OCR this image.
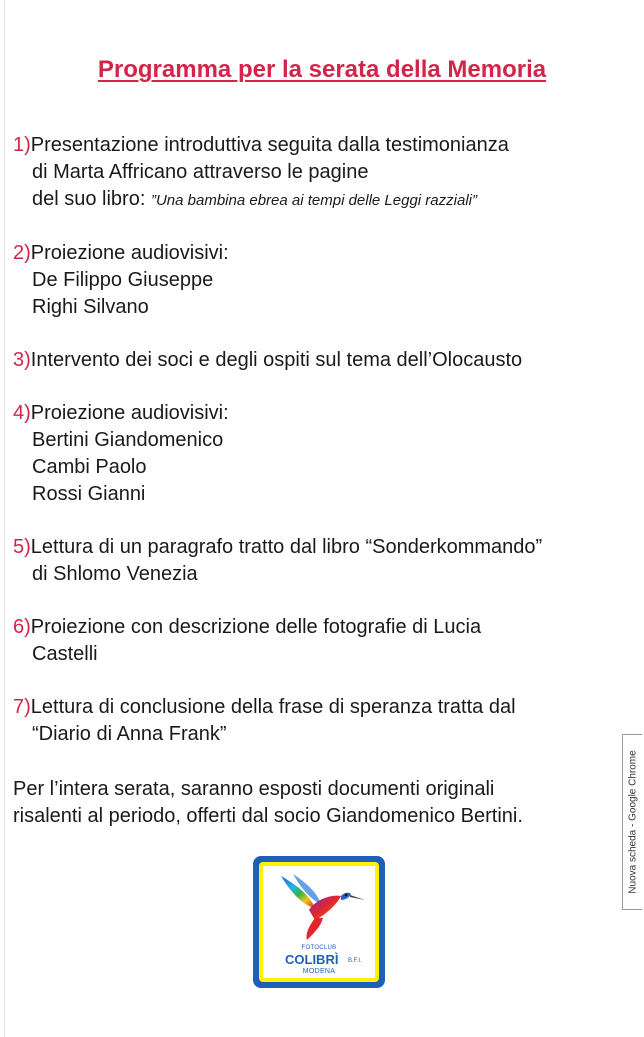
Programma per la serata della Memoria
1)Presentazione introduttiva seguita dalla testimonianza
di Marta Affricano attraverso le pagine
del suo libro: ”Una bambina ebrea ai tempi delle Leggi razziali”
2)Proiezione audiovisivi:
De Filippo Giuseppe
Righi Silvano
3)Intervento dei soci e degli ospiti sul tema dell’Olocausto
4)Proiezione audiovisivi:
Bertini Giandomenico
Cambi Paolo
Rossi Gianni
5)Lettura di un paragrafo tratto dal libro “Sonderkommando”
di Shlomo Venezia
6)Proiezione con descrizione delle fotografie di Lucia
Castelli
7)Lettura di conclusione della frase di speranza tratta dal
“Diario di Anna Frank”
Per l’intera serata, saranno esposti documenti originali
risalenti al periodo, offerti dal socio Giandomenico Bertini.
FOTOCLUB
COLIBRÌ B.F.I.
MODENA
Nuova scheda - Google Chrome
